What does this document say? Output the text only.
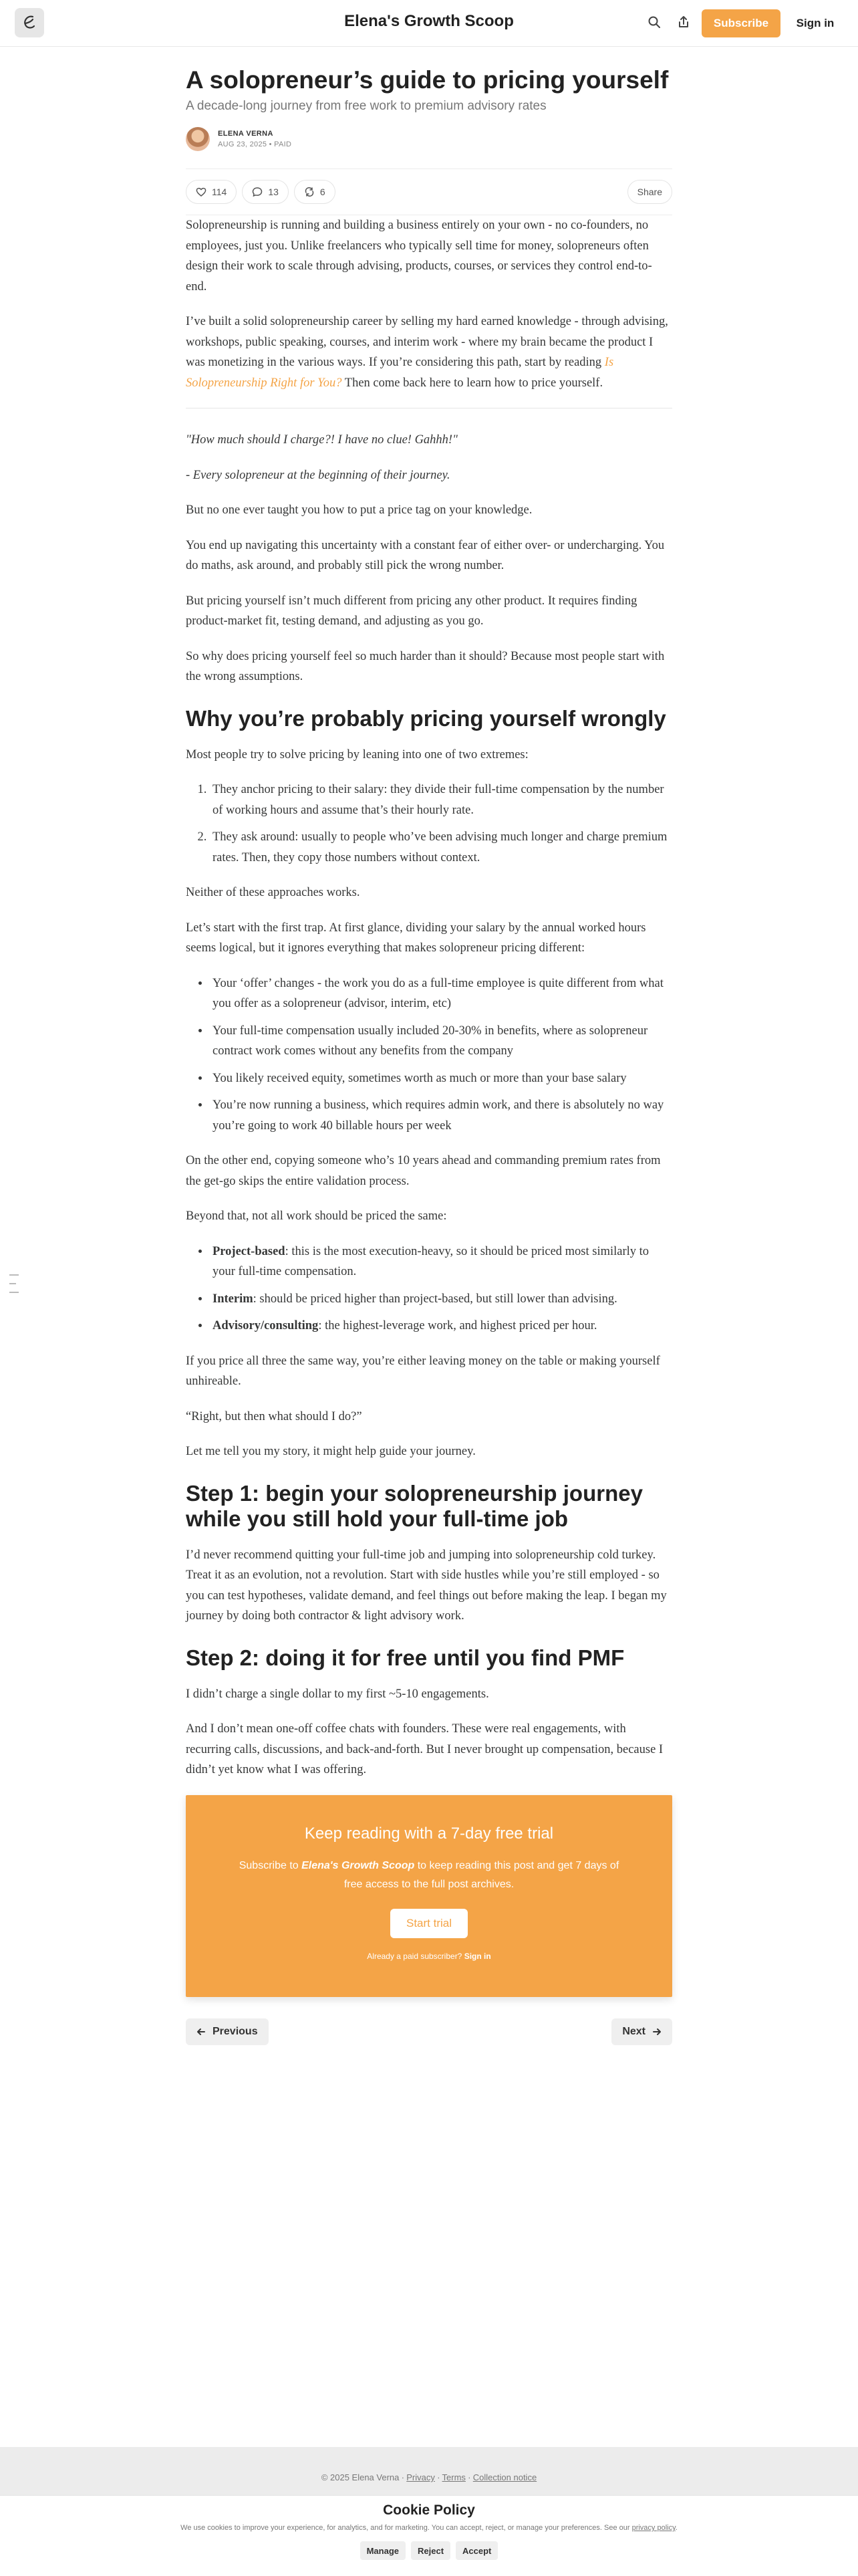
Elena's Growth Scoop	Subscribe	Sign in
A solopreneur’s guide to pricing yourself
A decade-long journey from free work to premium advisory rates
ELENA VERNA
AUG 23, 2025 • PAID
114	13	6	Share

Solopreneurship is running and building a business entirely on your own - no co-founders, no employees, just you. Unlike freelancers who typically sell time for money, solopreneurs often design their work to scale through advising, products, courses, or services they control end-to-end.

I’ve built a solid solopreneurship career by selling my hard earned knowledge - through advising, workshops, public speaking, courses, and interim work - where my brain became the product I was monetizing in the various ways. If you’re considering this path, start by reading Is Solopreneurship Right for You? Then come back here to learn how to price yourself.

"How much should I charge?! I have no clue! Gahhh!"

- Every solopreneur at the beginning of their journey.

But no one ever taught you how to put a price tag on your knowledge.

You end up navigating this uncertainty with a constant fear of either over- or undercharging. You do maths, ask around, and probably still pick the wrong number.

But pricing yourself isn’t much different from pricing any other product. It requires finding product-market fit, testing demand, and adjusting as you go.

So why does pricing yourself feel so much harder than it should? Because most people start with the wrong assumptions.

Why you’re probably pricing yourself wrongly

Most people try to solve pricing by leaning into one of two extremes:

1. They anchor pricing to their salary: they divide their full-time compensation by the number of working hours and assume that’s their hourly rate.
2. They ask around: usually to people who’ve been advising much longer and charge premium rates. Then, they copy those numbers without context.

Neither of these approaches works.

Let’s start with the first trap. At first glance, dividing your salary by the annual worked hours seems logical, but it ignores everything that makes solopreneur pricing different:

• Your ‘offer’ changes - the work you do as a full-time employee is quite different from what you offer as a solopreneur (advisor, interim, etc)
• Your full-time compensation usually included 20-30% in benefits, where as solopreneur contract work comes without any benefits from the company
• You likely received equity, sometimes worth as much or more than your base salary
• You’re now running a business, which requires admin work, and there is absolutely no way you’re going to work 40 billable hours per week

On the other end, copying someone who’s 10 years ahead and commanding premium rates from the get-go skips the entire validation process.

Beyond that, not all work should be priced the same:

• Project-based: this is the most execution-heavy, so it should be priced most similarly to your full-time compensation.
• Interim: should be priced higher than project-based, but still lower than advising.
• Advisory/consulting: the highest-leverage work, and highest priced per hour.

If you price all three the same way, you’re either leaving money on the table or making yourself unhireable.

“Right, but then what should I do?”

Let me tell you my story, it might help guide your journey.

Step 1: begin your solopreneurship journey while you still hold your full-time job

I’d never recommend quitting your full-time job and jumping into solopreneurship cold turkey. Treat it as an evolution, not a revolution. Start with side hustles while you’re still employed - so you can test hypotheses, validate demand, and feel things out before making the leap. I began my journey by doing both contractor & light advisory work.

Step 2: doing it for free until you find PMF

I didn’t charge a single dollar to my first ~5-10 engagements.

And I don’t mean one-off coffee chats with founders. These were real engagements, with recurring calls, discussions, and back-and-forth. But I never brought up compensation, because I didn’t yet know what I was offering.

Keep reading with a 7-day free trial
Subscribe to Elena's Growth Scoop to keep reading this post and get 7 days of free access to the full post archives.
Start trial
Already a paid subscriber? Sign in
Previous	Next
© 2025 Elena Verna ∙ Privacy ∙ Terms ∙ Collection notice
Cookie Policy
We use cookies to improve your experience, for analytics, and for marketing. You can accept, reject, or manage your preferences. See our privacy policy.
Manage	Reject	Accept
